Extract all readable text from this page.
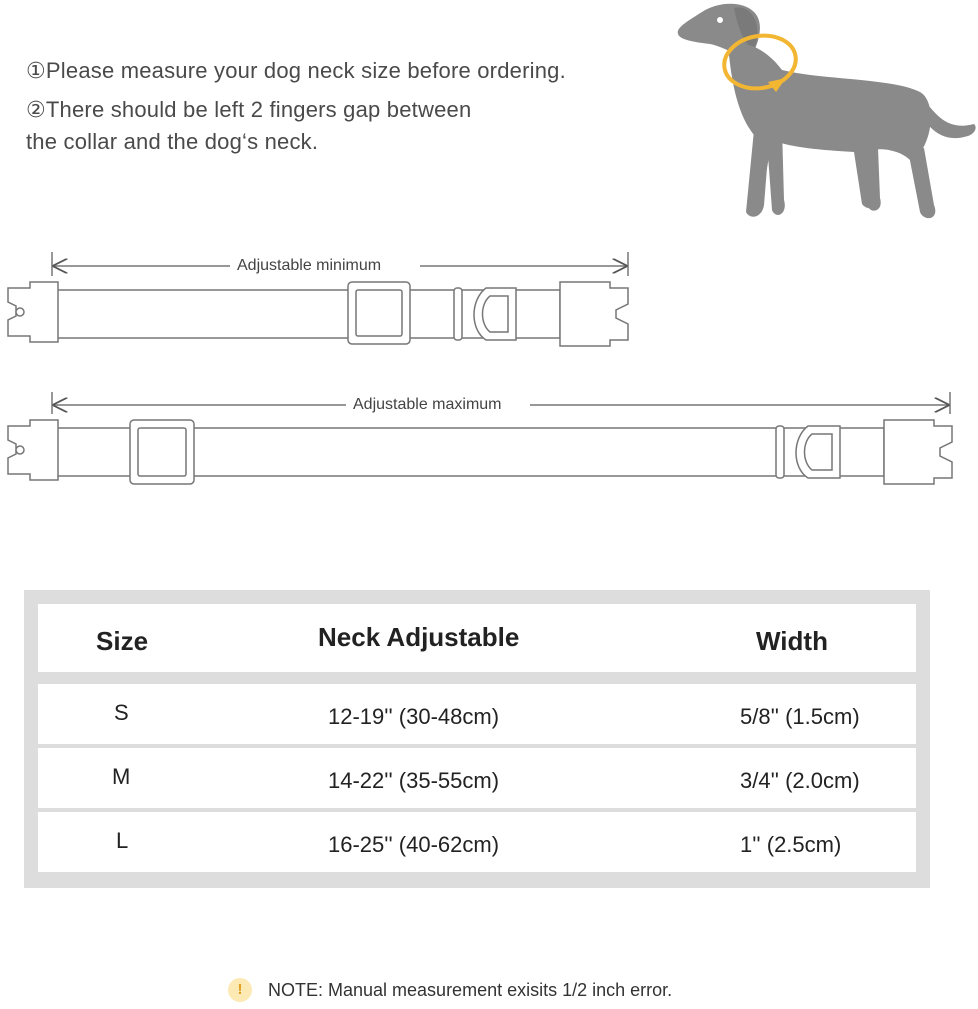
①Please measure your dog neck size before ordering.
②There should be left 2 fingers gap between
the collar and the dog‘s neck.
Adjustable minimum
Adjustable maximum
Size	Neck Adjustable	Width
S	12-19'' (30-48cm)	5/8'' (1.5cm)
M	14-22'' (35-55cm)	3/4'' (2.0cm)
L	16-25'' (40-62cm)	1'' (2.5cm)
!	NOTE: Manual measurement exisits 1/2 inch error.
